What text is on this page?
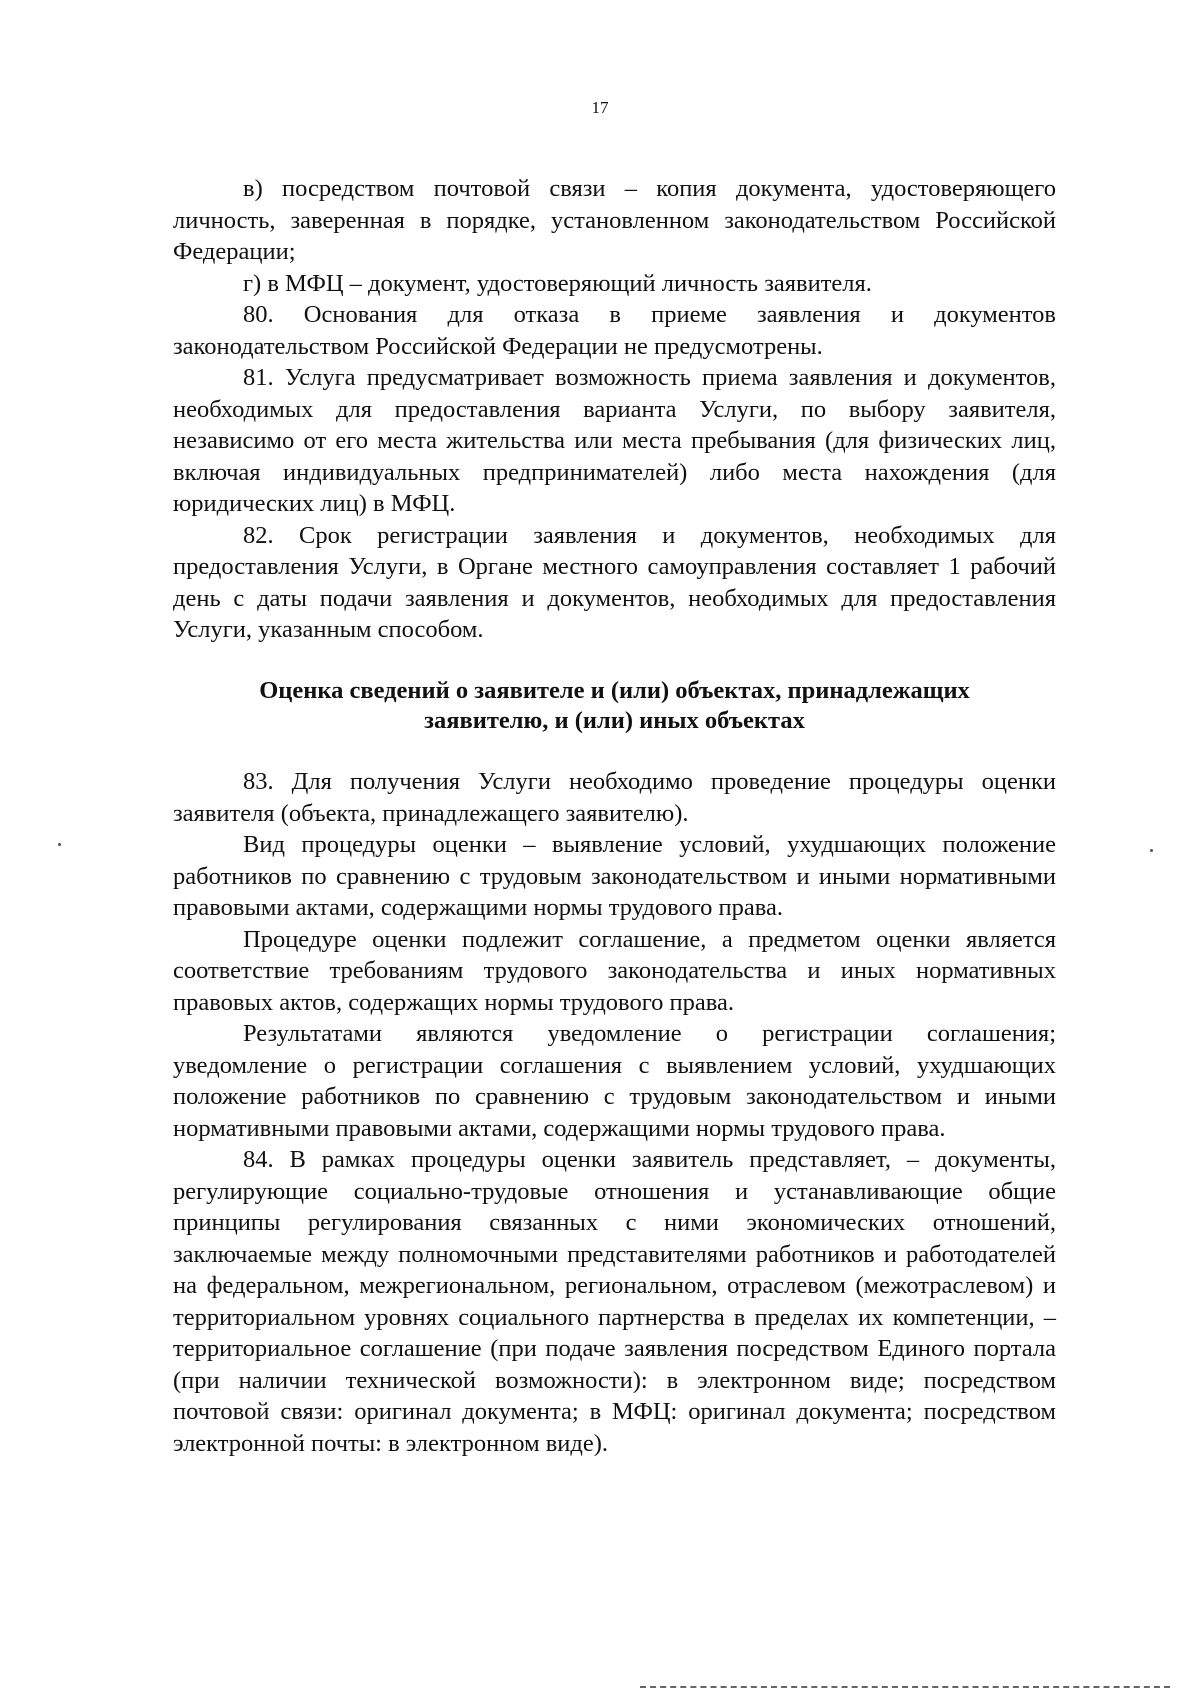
17

в) посредством почтовой связи – копия документа, удостоверяющего личность, заверенная в порядке, установленном законодательством Российской Федерации;

г) в МФЦ – документ, удостоверяющий личность заявителя.

80. Основания для отказа в приеме заявления и документов законодательством Российской Федерации не предусмотрены.

81. Услуга предусматривает возможность приема заявления и документов, необходимых для предоставления варианта Услуги, по выбору заявителя, независимо от его места жительства или места пребывания (для физических лиц, включая индивидуальных предпринимателей) либо места нахождения (для юридических лиц) в МФЦ.

82. Срок регистрации заявления и документов, необходимых для предоставления Услуги, в Органе местного самоуправления составляет 1 рабочий день с даты подачи заявления и документов, необходимых для предоставления Услуги, указанным способом.

Оценка сведений о заявителе и (или) объектах, принадлежащих
заявителю, и (или) иных объектах

83. Для получения Услуги необходимо проведение процедуры оценки заявителя (объекта, принадлежащего заявителю).

Вид процедуры оценки – выявление условий, ухудшающих положение работников по сравнению с трудовым законодательством и иными нормативными правовыми актами, содержащими нормы трудового права.

Процедуре оценки подлежит соглашение, а предметом оценки является соответствие требованиям трудового законодательства и иных нормативных правовых актов, содержащих нормы трудового права.

Результатами являются уведомление о регистрации соглашения; уведомление о регистрации соглашения с выявлением условий, ухудшающих положение работников по сравнению с трудовым законодательством и иными нормативными правовыми актами, содержащими нормы трудового права.

84. В рамках процедуры оценки заявитель представляет, – документы, регулирующие социально-трудовые отношения и устанавливающие общие принципы регулирования связанных с ними экономических отношений, заключаемые между полномочными представителями работников и работодателей на федеральном, межрегиональном, региональном, отраслевом (межотраслевом) и территориальном уровнях социального партнерства в пределах их компетенции, – территориальное соглашение (при подаче заявления посредством Единого портала (при наличии технической возможности): в электронном виде; посредством почтовой связи: оригинал документа; в МФЦ: оригинал документа; посредством электронной почты: в электронном виде).
